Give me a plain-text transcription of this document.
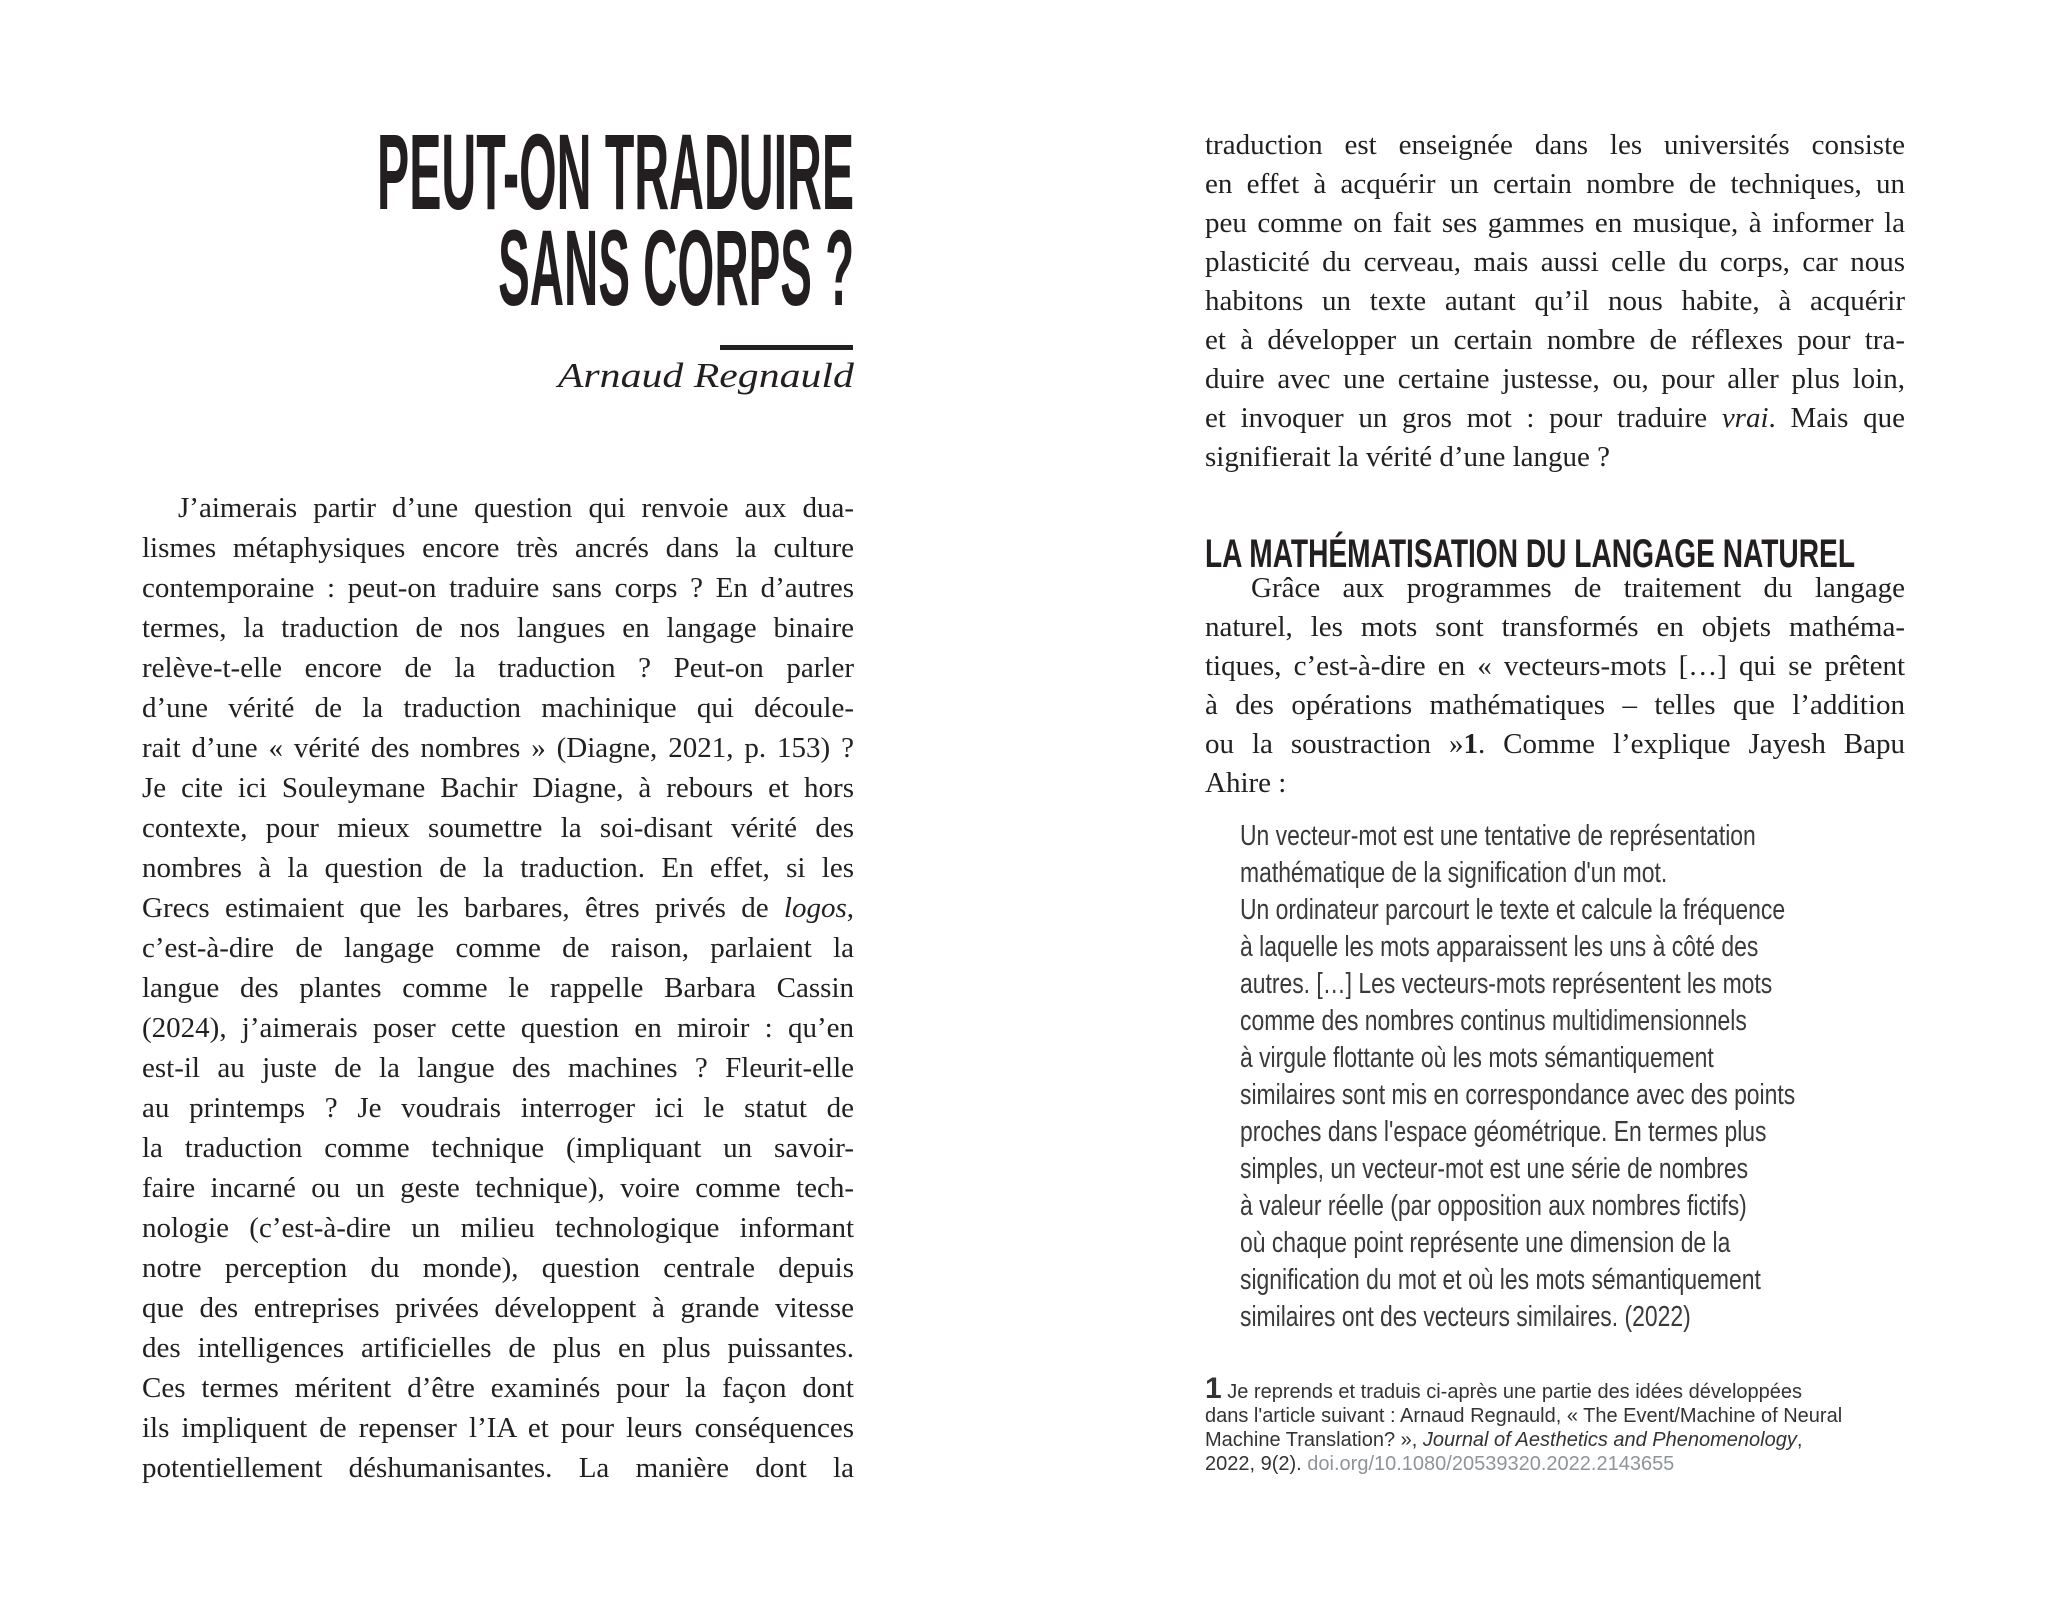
PEUT-ON TRADUIRE
SANS CORPS ?
Arnaud Regnauld
J’aimerais partir d’une question qui renvoie aux dua-
lismes métaphysiques encore très ancrés dans la culture
contemporaine : peut-on traduire sans corps ? En d’autres
termes, la traduction de nos langues en langage binaire
relève-t-elle encore de la traduction ? Peut-on parler
d’une vérité de la traduction machinique qui découle-
rait d’une « vérité des nombres » (Diagne, 2021, p. 153) ?
Je cite ici Souleymane Bachir Diagne, à rebours et hors
contexte, pour mieux soumettre la soi-disant vérité des
nombres à la question de la traduction. En effet, si les
Grecs estimaient que les barbares, êtres privés de logos,
c’est-à-dire de langage comme de raison, parlaient la
langue des plantes comme le rappelle Barbara Cassin
(2024), j’aimerais poser cette question en miroir : qu’en
est-il au juste de la langue des machines ? Fleurit-elle
au printemps ? Je voudrais interroger ici le statut de
la traduction comme technique (impliquant un savoir-
faire incarné ou un geste technique), voire comme tech-
nologie (c’est-à-dire un milieu technologique informant
notre perception du monde), question centrale depuis
que des entreprises privées développent à grande vitesse
des intelligences artificielles de plus en plus puissantes.
Ces termes méritent d’être examinés pour la façon dont
ils impliquent de repenser l’IA et pour leurs conséquences
potentiellement déshumanisantes. La manière dont la
traduction est enseignée dans les universités consiste
en effet à acquérir un certain nombre de techniques, un
peu comme on fait ses gammes en musique, à informer la
plasticité du cerveau, mais aussi celle du corps, car nous
habitons un texte autant qu’il nous habite, à acquérir
et à développer un certain nombre de réflexes pour tra-
duire avec une certaine justesse, ou, pour aller plus loin,
et invoquer un gros mot : pour traduire vrai. Mais que
signifierait la vérité d’une langue ?
LA MATHÉMATISATION DU LANGAGE NATUREL
Grâce aux programmes de traitement du langage
naturel, les mots sont transformés en objets mathéma-
tiques, c’est-à-dire en « vecteurs-mots […] qui se prêtent
à des opérations mathématiques – telles que l’addition
ou la soustraction »1. Comme l’explique Jayesh Bapu
Ahire :
Un vecteur-mot est une tentative de représentation
mathématique de la signification d'un mot.
Un ordinateur parcourt le texte et calcule la fréquence
à laquelle les mots apparaissent les uns à côté des
autres. […] Les vecteurs-mots représentent les mots
comme des nombres continus multidimensionnels
à virgule flottante où les mots sémantiquement
similaires sont mis en correspondance avec des points
proches dans l'espace géométrique. En termes plus
simples, un vecteur-mot est une série de nombres
à valeur réelle (par opposition aux nombres fictifs)
où chaque point représente une dimension de la
signification du mot et où les mots sémantiquement
similaires ont des vecteurs similaires. (2022)
1 Je reprends et traduis ci-après une partie des idées développées
dans l'article suivant : Arnaud Regnauld, « The Event/Machine of Neural
Machine Translation? », Journal of Aesthetics and Phenomenology,
2022, 9(2). doi.org/10.1080/20539320.2022.2143655
